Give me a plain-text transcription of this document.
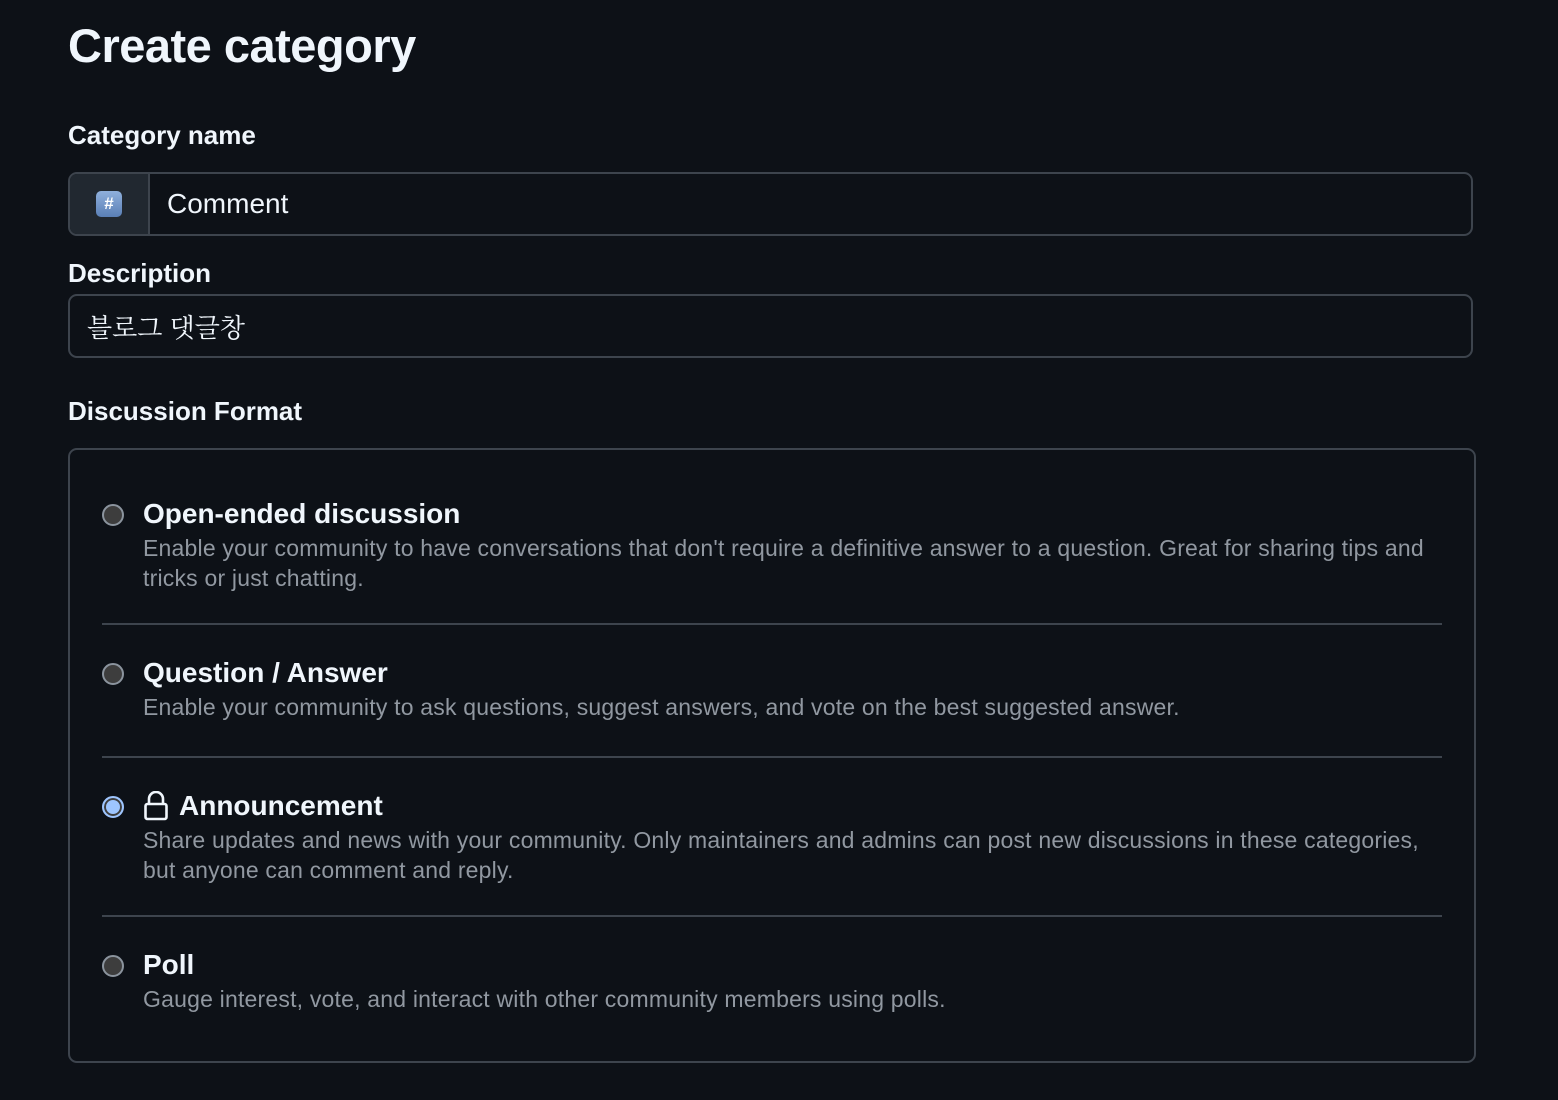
Create category
Category name
# Comment
Description
블로그 댓글창
Discussion Format
Open-ended discussion
Enable your community to have conversations that don't require a definitive answer to a question. Great for sharing tips and tricks or just chatting.
Question / Answer
Enable your community to ask questions, suggest answers, and vote on the best suggested answer.
Announcement
Share updates and news with your community. Only maintainers and admins can post new discussions in these categories, but anyone can comment and reply.
Poll
Gauge interest, vote, and interact with other community members using polls.
